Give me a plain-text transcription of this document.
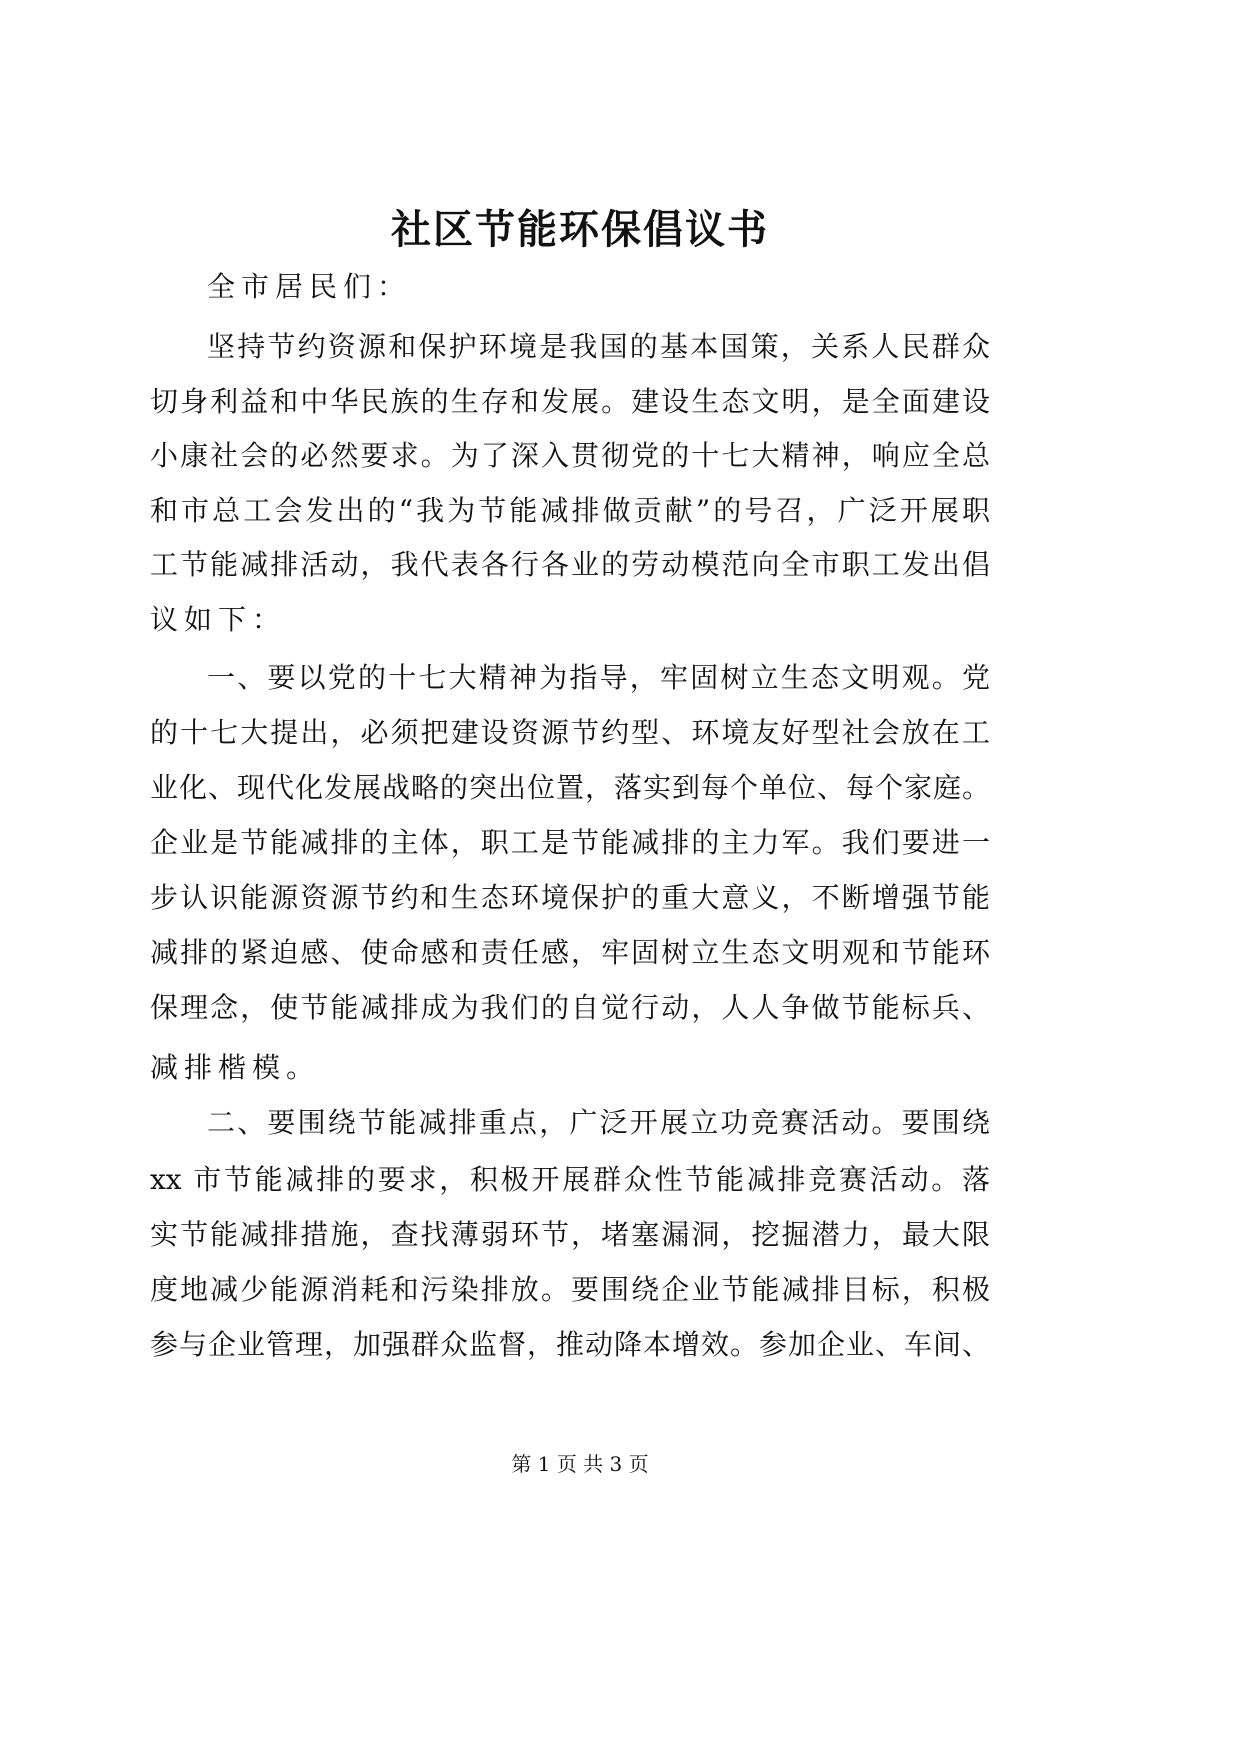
社区节能环保倡议书
全市居民们：
坚持节约资源和保护环境是我国的基本国策，关系人民群众
切身利益和中华民族的生存和发展。建设生态文明，是全面建设
小康社会的必然要求。为了深入贯彻党的十七大精神，响应全总
和市总工会发出的“我为节能减排做贡献”的号召，广泛开展职
工节能减排活动，我代表各行各业的劳动模范向全市职工发出倡
议如下：
一、要以党的十七大精神为指导，牢固树立生态文明观。党
的十七大提出，必须把建设资源节约型、环境友好型社会放在工
业化、现代化发展战略的突出位置，落实到每个单位、每个家庭。
企业是节能减排的主体，职工是节能减排的主力军。我们要进一
步认识能源资源节约和生态环境保护的重大意义，不断增强节能
减排的紧迫感、使命感和责任感，牢固树立生态文明观和节能环
保理念，使节能减排成为我们的自觉行动，人人争做节能标兵、
减排楷模。
二、要围绕节能减排重点，广泛开展立功竞赛活动。要围绕
xx 市节能减排的要求，积极开展群众性节能减排竞赛活动。落
实节能减排措施，查找薄弱环节，堵塞漏洞，挖掘潜力，最大限
度地减少能源消耗和污染排放。要围绕企业节能减排目标，积极
参与企业管理，加强群众监督，推动降本增效。参加企业、车间、
第 1 页 共 3 页
